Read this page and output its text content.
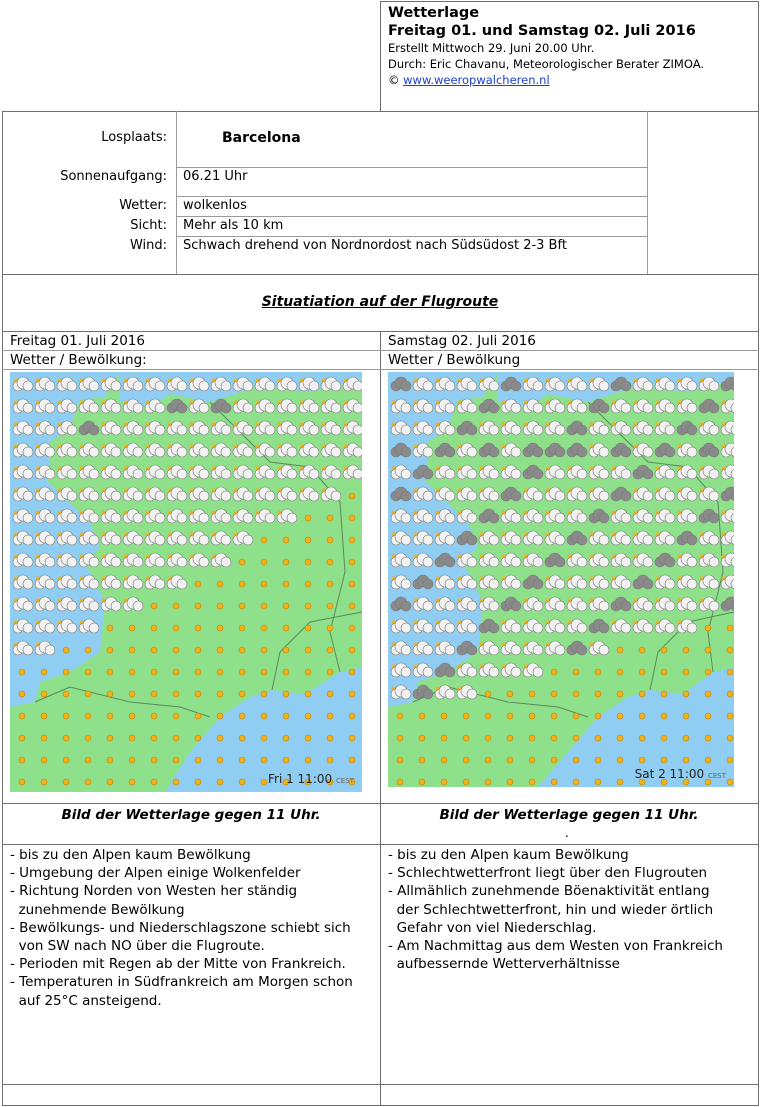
Wetterlage
Freitag 01. und Samstag 02. Juli 2016
Erstellt Mittwoch 29. Juni 20.00 Uhr.
Durch: Eric Chavanu, Meteorologischer Berater ZIMOA.
© www.weeropwalcheren.nl
Losplaats:	Barcelona
Sonnenaufgang: 06.21 Uhr
Wetter: wolkenlos
Sicht: Mehr als 10 km
Wind: Schwach drehend von Nordnordost nach Südsüdost 2-3 Bft
Situatiation auf der Flugroute
Freitag 01. Juli 2016	Samstag 02. Juli 2016
Wetter / Bewölkung:	Wetter / Bewölkung
Fri 1 11:00 CEST	Sat 2 11:00 CEST
Bild der Wetterlage gegen 11 Uhr.	Bild der Wetterlage gegen 11 Uhr.
.
- bis zu den Alpen kaum Bewölkung
- Umgebung der Alpen einige Wolkenfelder
- Richtung Norden von Westen her ständig
zunehmende Bewölkung
- Bewölkungs- und Niederschlagszone schiebt sich
von SW nach NO über die Flugroute.
- Perioden mit Regen ab der Mitte von Frankreich.
- Temperaturen in Südfrankreich am Morgen schon
auf 25°C ansteigend.
- bis zu den Alpen kaum Bewölkung
- Schlechtwetterfront liegt über den Flugrouten
- Allmählich zunehmende Böenaktivität entlang
der Schlechtwetterfront, hin und wieder örtlich
Gefahr von viel Niederschlag.
- Am Nachmittag aus dem Westen von Frankreich
aufbessernde Wetterverhältnisse
